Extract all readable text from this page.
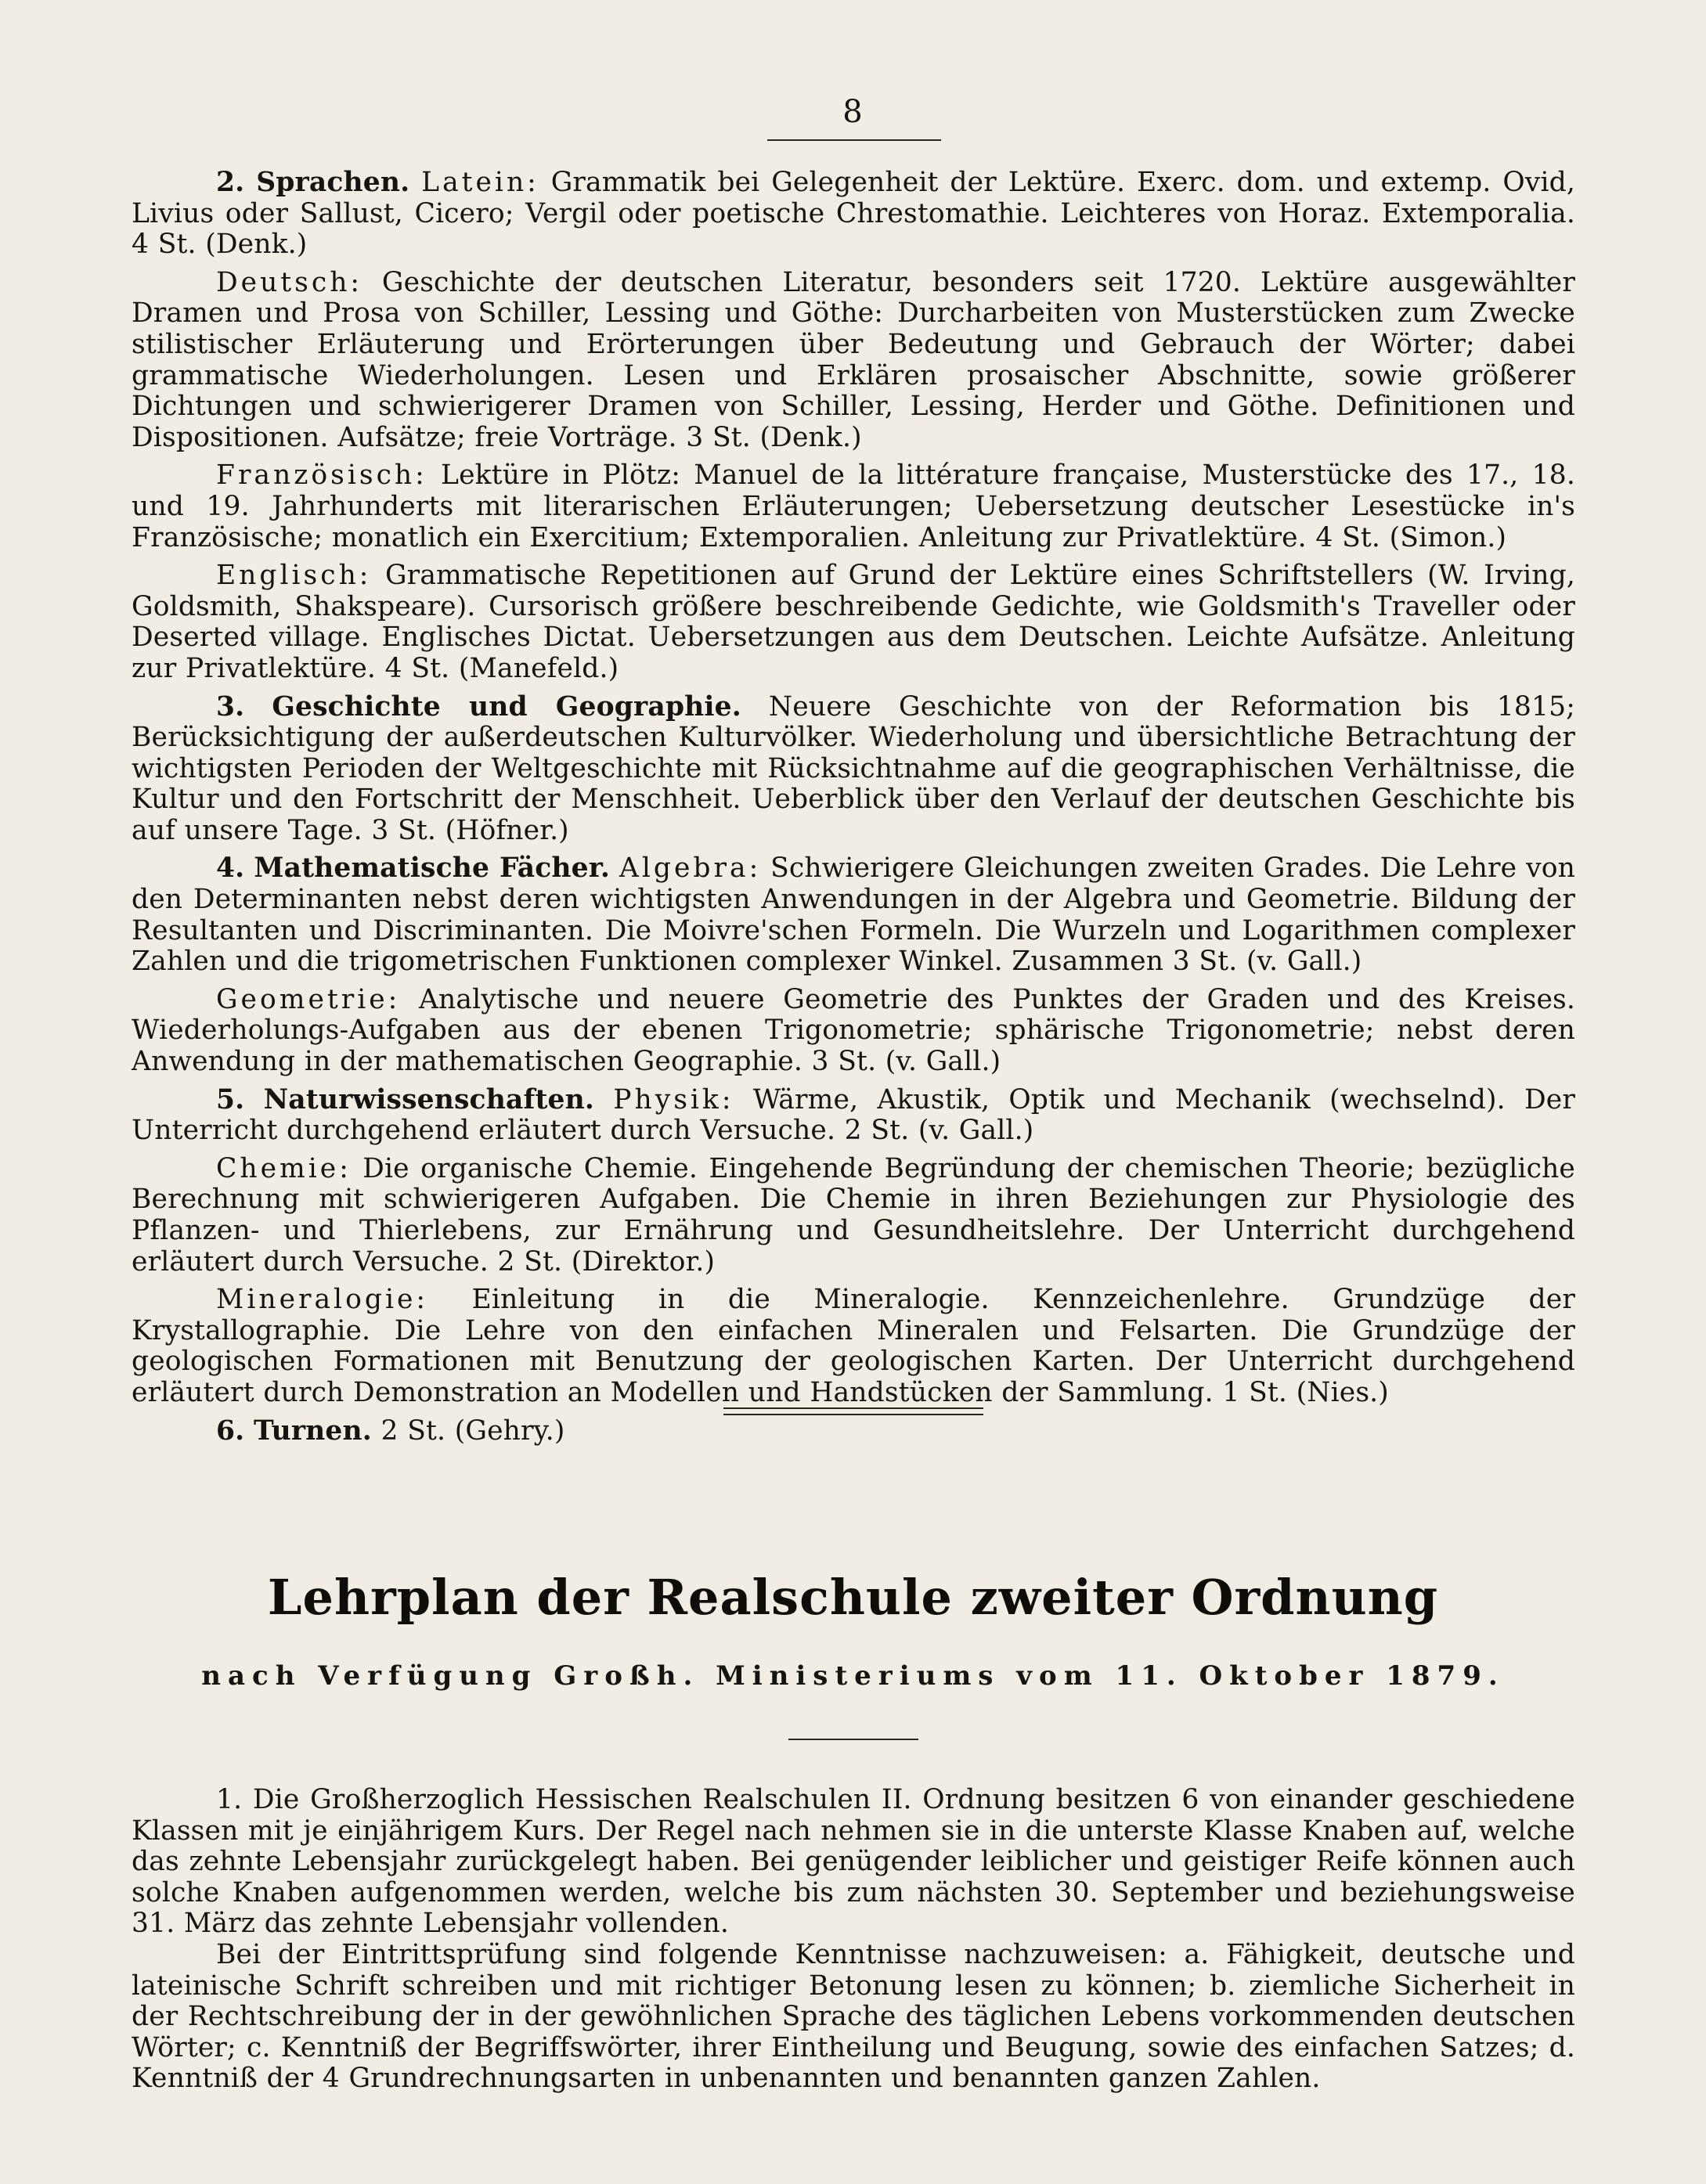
8

2. Sprachen. Latein: Grammatik bei Gelegenheit der Lektüre. Exerc. dom. und extemp. Ovid, Livius oder Sallust, Cicero; Vergil oder poetische Chrestomathie. Leichteres von Horaz. Extemporalia. 4 St. (Denk.)

Deutsch: Geschichte der deutschen Literatur, besonders seit 1720. Lektüre ausgewählter Dramen und Prosa von Schiller, Lessing und Göthe: Durcharbeiten von Musterstücken zum Zwecke stilistischer Erläuterung und Erörterungen über Bedeutung und Gebrauch der Wörter; dabei grammatische Wiederholungen. Lesen und Erklären prosaischer Abschnitte, sowie größerer Dichtungen und schwierigerer Dramen von Schiller, Lessing, Herder und Göthe. Definitionen und Dispositionen. Aufsätze; freie Vorträge. 3 St. (Denk.)

Französisch: Lektüre in Plötz: Manuel de la littérature française, Musterstücke des 17., 18. und 19. Jahrhunderts mit literarischen Erläuterungen; Uebersetzung deutscher Lesestücke in's Französische; monatlich ein Exercitium; Extemporalien. Anleitung zur Privatlektüre. 4 St. (Simon.)

Englisch: Grammatische Repetitionen auf Grund der Lektüre eines Schriftstellers (W. Irving, Goldsmith, Shakspeare). Cursorisch größere beschreibende Gedichte, wie Goldsmith's Traveller oder Deserted village. Englisches Dictat. Uebersetzungen aus dem Deutschen. Leichte Aufsätze. Anleitung zur Privatlektüre. 4 St. (Manefeld.)

3. Geschichte und Geographie. Neuere Geschichte von der Reformation bis 1815; Berücksichtigung der außerdeutschen Kulturvölker. Wiederholung und übersichtliche Betrachtung der wichtigsten Perioden der Weltgeschichte mit Rücksichtnahme auf die geographischen Verhältnisse, die Kultur und den Fortschritt der Menschheit. Ueberblick über den Verlauf der deutschen Geschichte bis auf unsere Tage. 3 St. (Höfner.)

4. Mathematische Fächer. Algebra: Schwierigere Gleichungen zweiten Grades. Die Lehre von den Determinanten nebst deren wichtigsten Anwendungen in der Algebra und Geometrie. Bildung der Resultanten und Discriminanten. Die Moivre'schen Formeln. Die Wurzeln und Logarithmen complexer Zahlen und die trigometrischen Funktionen complexer Winkel. Zusammen 3 St. (v. Gall.)

Geometrie: Analytische und neuere Geometrie des Punktes der Graden und des Kreises. Wiederholungs-Aufgaben aus der ebenen Trigonometrie; sphärische Trigonometrie; nebst deren Anwendung in der mathematischen Geographie. 3 St. (v. Gall.)

5. Naturwissenschaften. Physik: Wärme, Akustik, Optik und Mechanik (wechselnd). Der Unterricht durchgehend erläutert durch Versuche. 2 St. (v. Gall.)

Chemie: Die organische Chemie. Eingehende Begründung der chemischen Theorie; bezügliche Berechnung mit schwierigeren Aufgaben. Die Chemie in ihren Beziehungen zur Physiologie des Pflanzen- und Thierlebens, zur Ernährung und Gesundheitslehre. Der Unterricht durchgehend erläutert durch Versuche. 2 St. (Direktor.)

Mineralogie: Einleitung in die Mineralogie. Kennzeichenlehre. Grundzüge der Krystallographie. Die Lehre von den einfachen Mineralen und Felsarten. Die Grundzüge der geologischen Formationen mit Benutzung der geologischen Karten. Der Unterricht durchgehend erläutert durch Demonstration an Modellen und Handstücken der Sammlung. 1 St. (Nies.)

6. Turnen. 2 St. (Gehry.)

Lehrplan der Realschule zweiter Ordnung
nach Verfügung Großh. Ministeriums vom 11. Oktober 1879.

1. Die Großherzoglich Hessischen Realschulen II. Ordnung besitzen 6 von einander geschiedene Klassen mit je einjährigem Kurs. Der Regel nach nehmen sie in die unterste Klasse Knaben auf, welche das zehnte Lebensjahr zurückgelegt haben. Bei genügender leiblicher und geistiger Reife können auch solche Knaben aufgenommen werden, welche bis zum nächsten 30. September und beziehungsweise 31. März das zehnte Lebensjahr vollenden.

Bei der Eintrittsprüfung sind folgende Kenntnisse nachzuweisen: a. Fähigkeit, deutsche und lateinische Schrift schreiben und mit richtiger Betonung lesen zu können; b. ziemliche Sicherheit in der Rechtschreibung der in der gewöhnlichen Sprache des täglichen Lebens vorkommenden deutschen Wörter; c. Kenntniß der Begriffswörter, ihrer Eintheilung und Beugung, sowie des einfachen Satzes; d. Kenntniß der 4 Grundrechnungsarten in unbenannten und benannten ganzen Zahlen.
